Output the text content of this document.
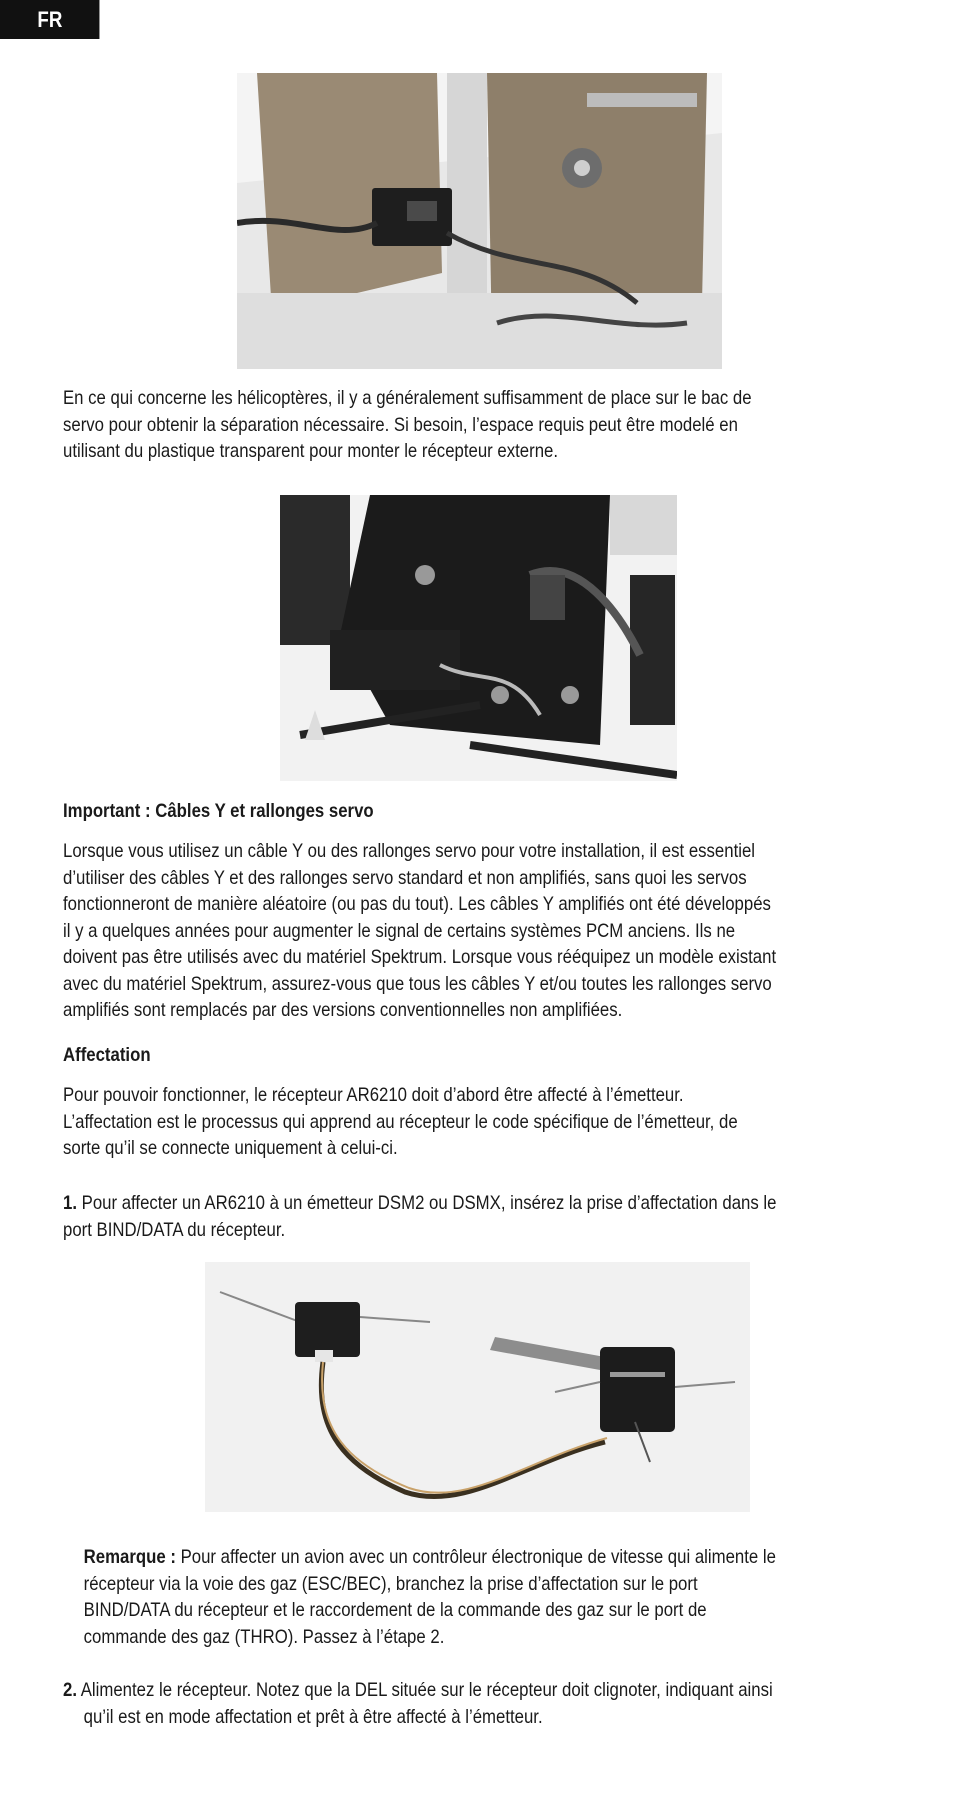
FR

En ce qui concerne les hélicoptères, il y a généralement suffisamment de place sur le bac de servo pour obtenir la séparation nécessaire. Si besoin, l’espace requis peut être modelé en utilisant du plastique transparent pour monter le récepteur externe.

Important : Câbles Y et rallonges servo

Lorsque vous utilisez un câble Y ou des rallonges servo pour votre installation, il est essentiel d’utiliser des câbles Y et des rallonges servo standard et non amplifiés, sans quoi les servos fonctionneront de manière aléatoire (ou pas du tout). Les câbles Y amplifiés ont été développés il y a quelques années pour augmenter le signal de certains systèmes PCM anciens. Ils ne doivent pas être utilisés avec du matériel Spektrum. Lorsque vous rééquipez un modèle existant avec du matériel Spektrum, assurez-vous que tous les câbles Y et/ou toutes les rallonges servo amplifiés sont remplacés par des versions conventionnelles non amplifiées.

Affectation

Pour pouvoir fonctionner, le récepteur AR6210 doit d’abord être affecté à l’émetteur. L’affectation est le processus qui apprend au récepteur le code spécifique de l’émetteur, de sorte qu’il se connecte uniquement à celui-ci.

1. Pour affecter un AR6210 à un émetteur DSM2 ou DSMX, insérez la prise d’affectation dans le port BIND/DATA du récepteur.

Remarque : Pour affecter un avion avec un contrôleur électronique de vitesse qui alimente le récepteur via la voie des gaz (ESC/BEC), branchez la prise d’affectation sur le port BIND/DATA du récepteur et le raccordement de la commande des gaz sur le port de commande des gaz (THRO). Passez à l’étape 2.

2. Alimentez le récepteur. Notez que la DEL située sur le récepteur doit clignoter, indiquant ainsi qu’il est en mode affectation et prêt à être affecté à l’émetteur.
